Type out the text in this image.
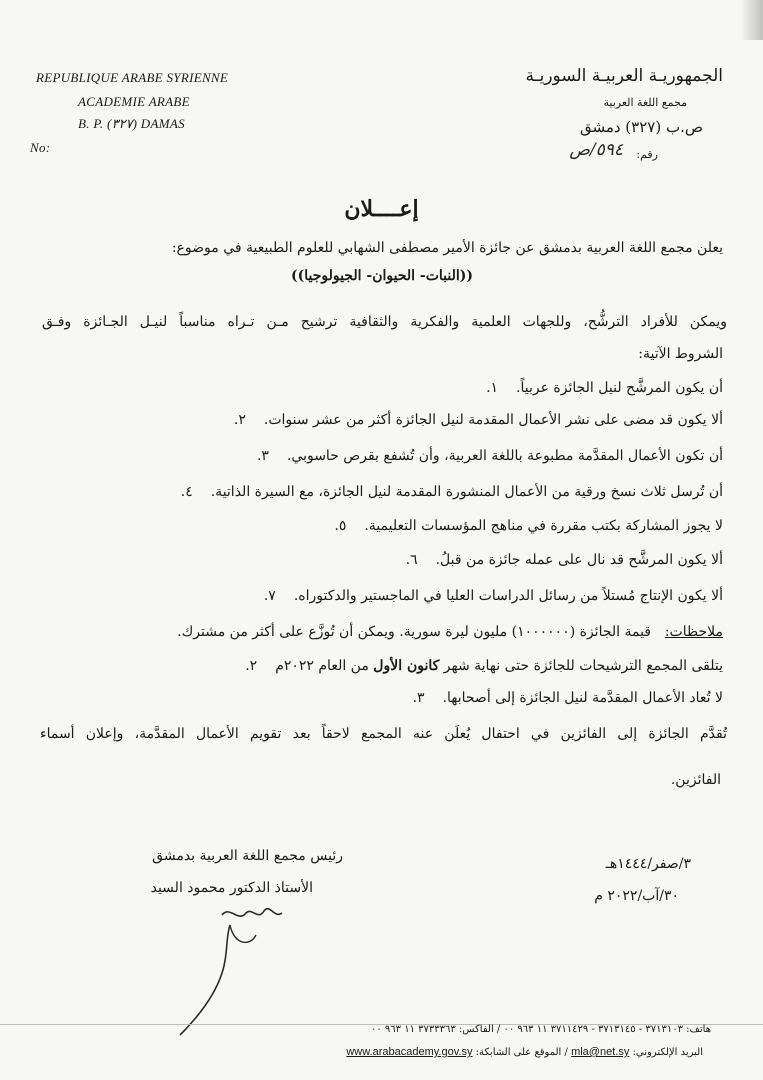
REPUBLIQUE ARABE SYRIENNE
ACADEMIE ARABE
B. P. (٣٢٧) DAMAS
No:
الجمهوريـة العربيـة السوريـة
مجمع اللغة العربية
ص.ب (٣٢٧) دمشق
رقم:
٥٩٤/ص
إعــــلان
يعلن مجمع اللغة العربية بدمشق عن جائزة الأمير مصطفى الشهابي للعلوم الطبيعية في موضوع:
((النبات- الحيوان- الجيولوجيا))
ويمكن للأفراد الترشُّح، وللجهات العلمية والفكرية والثقافية ترشيح مـن تـراه مناسباً لنيـل الجـائزة وفـق
الشروط الآتية:
١. أن يكون المرشَّح لنيل الجائزة عربياً.
٢. ألا يكون قد مضى على نشر الأعمال المقدمة لنيل الجائزة أكثر من عشر سنوات.
٣. أن تكون الأعمال المقدَّمة مطبوعة باللغة العربية، وأن تُشفع بقرص حاسوبي.
٤. أن تُرسل ثلاث نسخ ورقية من الأعمال المنشورة المقدمة لنيل الجائزة، مع السيرة الذاتية.
٥. لا يجوز المشاركة بكتب مقررة في مناهج المؤسسات التعليمية.
٦. ألا يكون المرشَّح قد نال على عمله جائزة من قبلُ.
٧. ألا يكون الإنتاج مُستلاً من رسائل الدراسات العليا في الماجستير والدكتوراه.
ملاحظات:
قيمة الجائزة (١٠٠٠٠٠٠) مليون ليرة سورية. ويمكن أن تُوزَّع على أكثر من مشترك.
٢.	يتلقى المجمع الترشيحات للجائزة حتى نهاية شهر كانون الأول من العام ٢٠٢٢م
٣. لا تُعاد الأعمال المقدَّمة لنيل الجائزة إلى أصحابها.
تُقدَّم الجائزة إلى الفائزين في احتفال يُعلَن عنه المجمع لاحقاً بعد تقويم الأعمال المقدَّمة، وإعلان أسماء
الفائزين.
٣/صفر/١٤٤٤هـ
٣٠/آب/٢٠٢٢ م
رئيس مجمع اللغة العربية بدمشق
الأستاذ الدكتور محمود السيد
هاتف: ٣٧١٣١٠٣ - ٣٧١٣١٤٥ - ٣٧١١٤٢٩ ١١ ٩٦٣ ٠٠ / الفاكس: ٣٧٣٣٣٦٣ ١١ ٩٦٣ ٠٠
البريد الإلكتروني: mla@net.sy / الموقع على الشابكة: www.arabacademy.gov.sy
